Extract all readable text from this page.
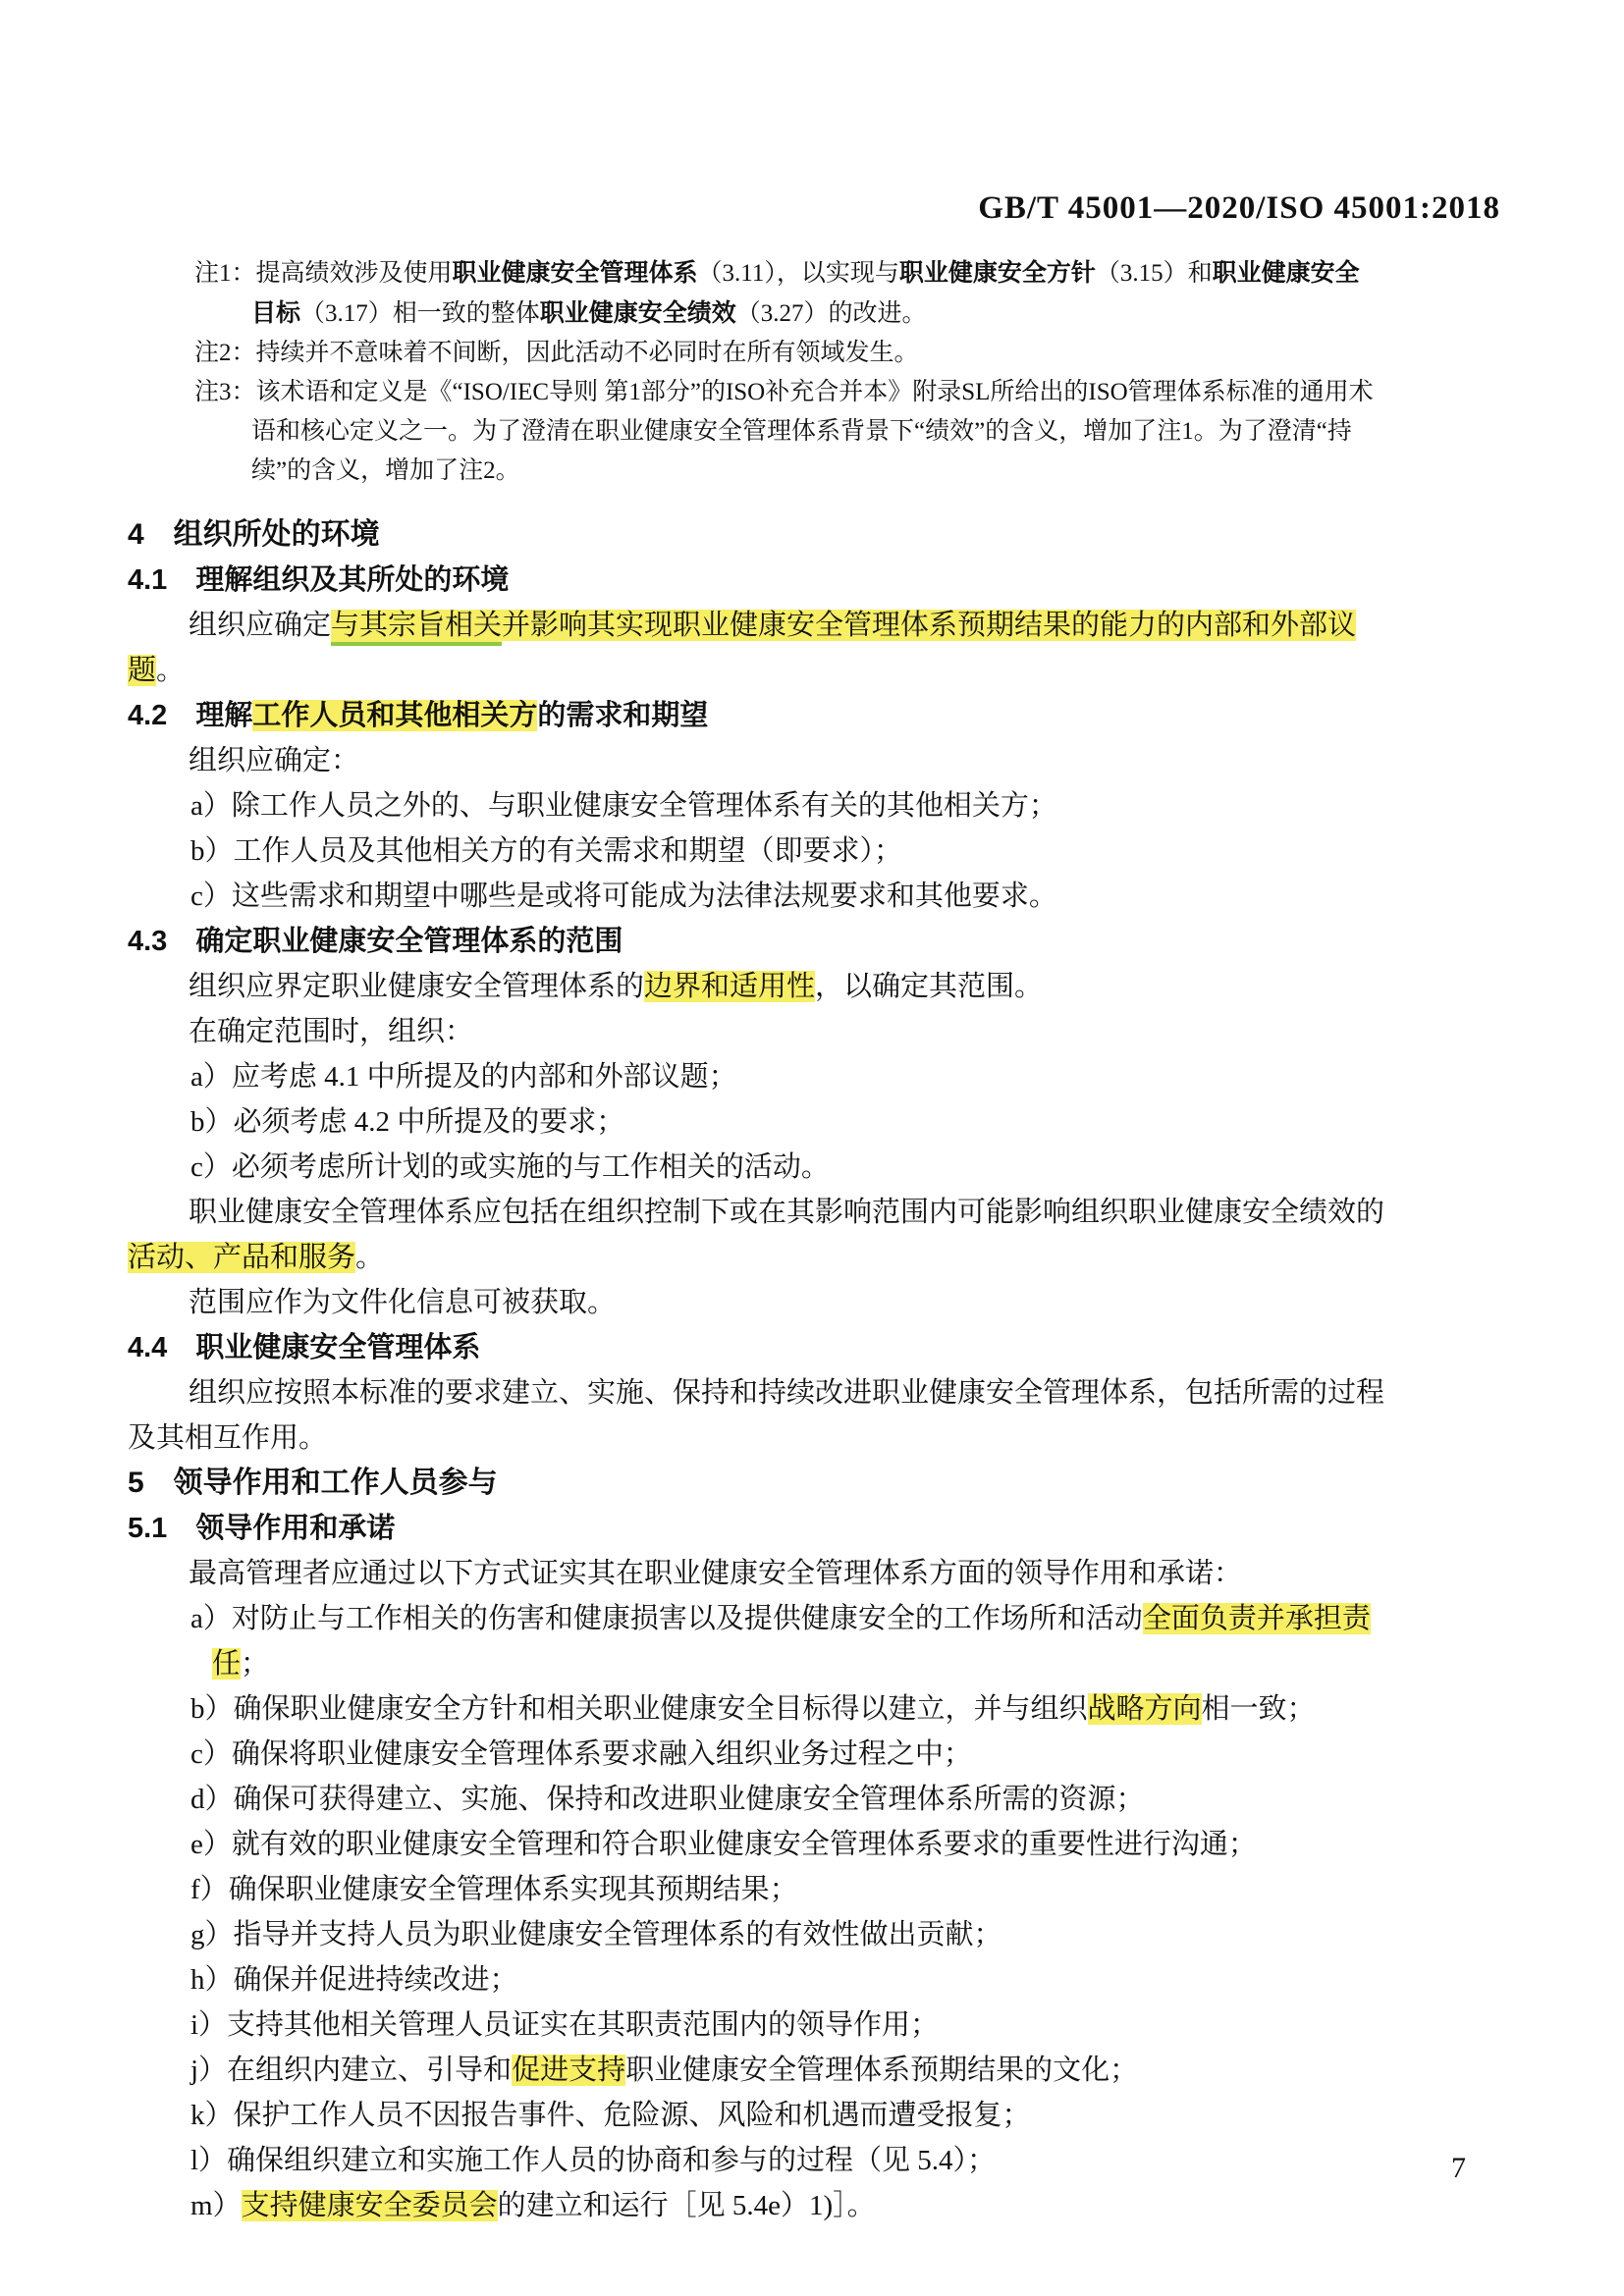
GB/T 45001—2020/ISO 45001:2018
注1：提高绩效涉及使用职业健康安全管理体系（3.11），以实现与职业健康安全方针（3.15）和职业健康安全
目标（3.17）相一致的整体职业健康安全绩效（3.27）的改进。
注2：持续并不意味着不间断，因此活动不必同时在所有领域发生。
注3：该术语和定义是《“ISO/IEC导则 第1部分”的ISO补充合并本》附录SL所给出的ISO管理体系标准的通用术
语和核心定义之一。为了澄清在职业健康安全管理体系背景下“绩效”的含义，增加了注1。为了澄清“持
续”的含义，增加了注2。
4　组织所处的环境
4.1　理解组织及其所处的环境
组织应确定与其宗旨相关并影响其实现职业健康安全管理体系预期结果的能力的内部和外部议
题。
4.2　理解工作人员和其他相关方的需求和期望
组织应确定：
a）除工作人员之外的、与职业健康安全管理体系有关的其他相关方；
b）工作人员及其他相关方的有关需求和期望（即要求）；
c）这些需求和期望中哪些是或将可能成为法律法规要求和其他要求。
4.3　确定职业健康安全管理体系的范围
组织应界定职业健康安全管理体系的边界和适用性，以确定其范围。
在确定范围时，组织：
a）应考虑 4.1 中所提及的内部和外部议题；
b）必须考虑 4.2 中所提及的要求；
c）必须考虑所计划的或实施的与工作相关的活动。
职业健康安全管理体系应包括在组织控制下或在其影响范围内可能影响组织职业健康安全绩效的
活动、产品和服务。
范围应作为文件化信息可被获取。
4.4　职业健康安全管理体系
组织应按照本标准的要求建立、实施、保持和持续改进职业健康安全管理体系，包括所需的过程
及其相互作用。
5　领导作用和工作人员参与
5.1　领导作用和承诺
最高管理者应通过以下方式证实其在职业健康安全管理体系方面的领导作用和承诺：
a）对防止与工作相关的伤害和健康损害以及提供健康安全的工作场所和活动全面负责并承担责
任；
b）确保职业健康安全方针和相关职业健康安全目标得以建立，并与组织战略方向相一致；
c）确保将职业健康安全管理体系要求融入组织业务过程之中；
d）确保可获得建立、实施、保持和改进职业健康安全管理体系所需的资源；
e）就有效的职业健康安全管理和符合职业健康安全管理体系要求的重要性进行沟通；
f）确保职业健康安全管理体系实现其预期结果；
g）指导并支持人员为职业健康安全管理体系的有效性做出贡献；
h）确保并促进持续改进；
i）支持其他相关管理人员证实在其职责范围内的领导作用；
j）在组织内建立、引导和促进支持职业健康安全管理体系预期结果的文化；
k）保护工作人员不因报告事件、危险源、风险和机遇而遭受报复；
l）确保组织建立和实施工作人员的协商和参与的过程（见 5.4）；
m）支持健康安全委员会的建立和运行［见 5.4e）1)］。
7
